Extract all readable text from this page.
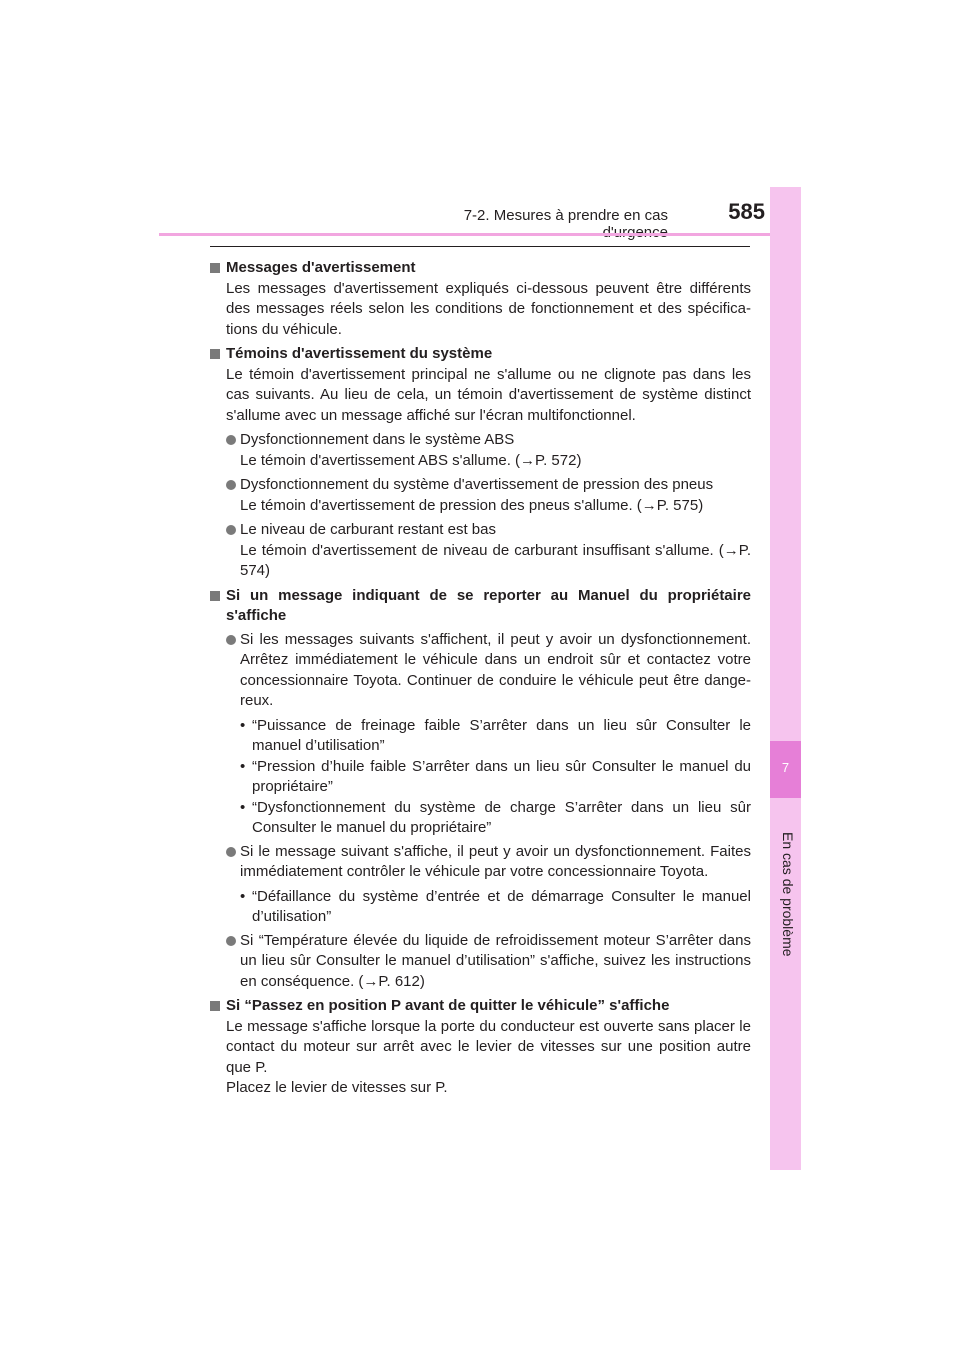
7-2. Mesures à prendre en cas	585
7
En cas de problème

Messages d'avertissement

Les messages d'avertissement expliqués ci-dessous peuvent être différents des messages réels selon les conditions de fonctionnement et des spécifica-tions du véhicule.

Témoins d'avertissement du système

Le témoin d'avertissement principal ne s'allume ou ne clignote pas dans les cas suivants. Au lieu de cela, un témoin d'avertissement de système distinct s'allume avec un message affiché sur l'écran multifonctionnel.

Dysfonctionnement dans le système ABS

Le témoin d'avertissement ABS s'allume. (→P. 572)

Dysfonctionnement du système d'avertissement de pression des pneus

Le témoin d'avertissement de pression des pneus s'allume. (→P. 575)

Le niveau de carburant restant est bas

Le témoin d'avertissement de niveau de carburant insuffisant s'allume. (→P. 574)

Si un message indiquant de se reporter au Manuel du propriétaire s'affiche

Si les messages suivants s'affichent, il peut y avoir un dysfonctionnement. Arrêtez immédiatement le véhicule dans un endroit sûr et contactez votre concessionnaire Toyota. Continuer de conduire le véhicule peut être dange-reux.

• “Puissance de freinage faible S’arrêter dans un lieu sûr Consulter le manuel d’utilisation”

• “Pression d’huile faible S’arrêter dans un lieu sûr Consulter le manuel du propriétaire”

• “Dysfonctionnement du système de charge S’arrêter dans un lieu sûr Consulter le manuel du propriétaire”

Si le message suivant s'affiche, il peut y avoir un dysfonctionnement. Faites immédiatement contrôler le véhicule par votre concessionnaire Toyota.

• “Défaillance du système d’entrée et de démarrage Consulter le manuel d’utilisation”

Si “Température élevée du liquide de refroidissement moteur S’arrêter dans un lieu sûr Consulter le manuel d’utilisation” s'affiche, suivez les instructions en conséquence. (→P. 612)

Si “Passez en position P avant de quitter le véhicule” s'affiche

Le message s'affiche lorsque la porte du conducteur est ouverte sans placer le contact du moteur sur arrêt avec le levier de vitesses sur une position autre que P.

Placez le levier de vitesses sur P.
